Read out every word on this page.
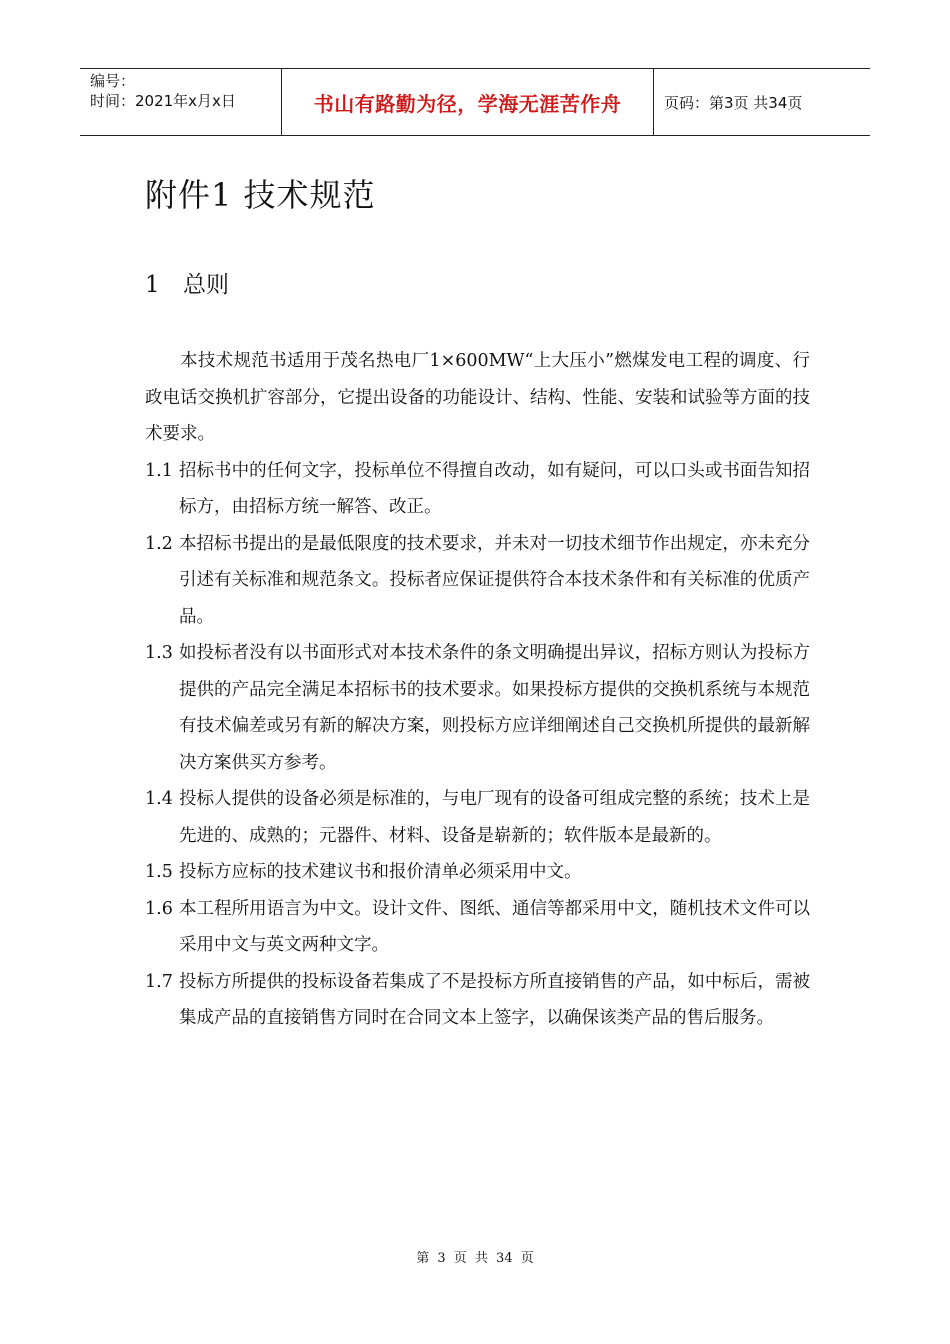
编号：
时间：2021年x月x日	书山有路勤为径，学海无涯苦作舟	页码：第3页 共34页
附件1 技术规范
1 总则

本技术规范书适用于茂名热电厂1×600MW“上大压小”燃煤发电工程的调度、行政电话交换机扩容部分，它提出设备的功能设计、结构、性能、安装和试验等方面的技术要求。

1.1 招标书中的任何文字，投标单位不得擅自改动，如有疑问，可以口头或书面告知招标方，由招标方统一解答、改正。
1.2 本招标书提出的是最低限度的技术要求，并未对一切技术细节作出规定，亦未充分引述有关标准和规范条文。投标者应保证提供符合本技术条件和有关标准的优质产品。
1.3 如投标者没有以书面形式对本技术条件的条文明确提出异议，招标方则认为投标方提供的产品完全满足本招标书的技术要求。如果投标方提供的交换机系统与本规范有技术偏差或另有新的解决方案，则投标方应详细阐述自己交换机所提供的最新解决方案供买方参考。
1.4 投标人提供的设备必须是标准的，与电厂现有的设备可组成完整的系统；技术上是先进的、成熟的；元器件、材料、设备是崭新的；软件版本是最新的。
1.5 投标方应标的技术建议书和报价清单必须采用中文。
1.6 本工程所用语言为中文。设计文件、图纸、通信等都采用中文，随机技术文件可以采用中文与英文两种文字。
1.7 投标方所提供的投标设备若集成了不是投标方所直接销售的产品，如中标后，需被集成产品的直接销售方同时在合同文本上签字，以确保该类产品的售后服务。
第 3 页 共 34 页
